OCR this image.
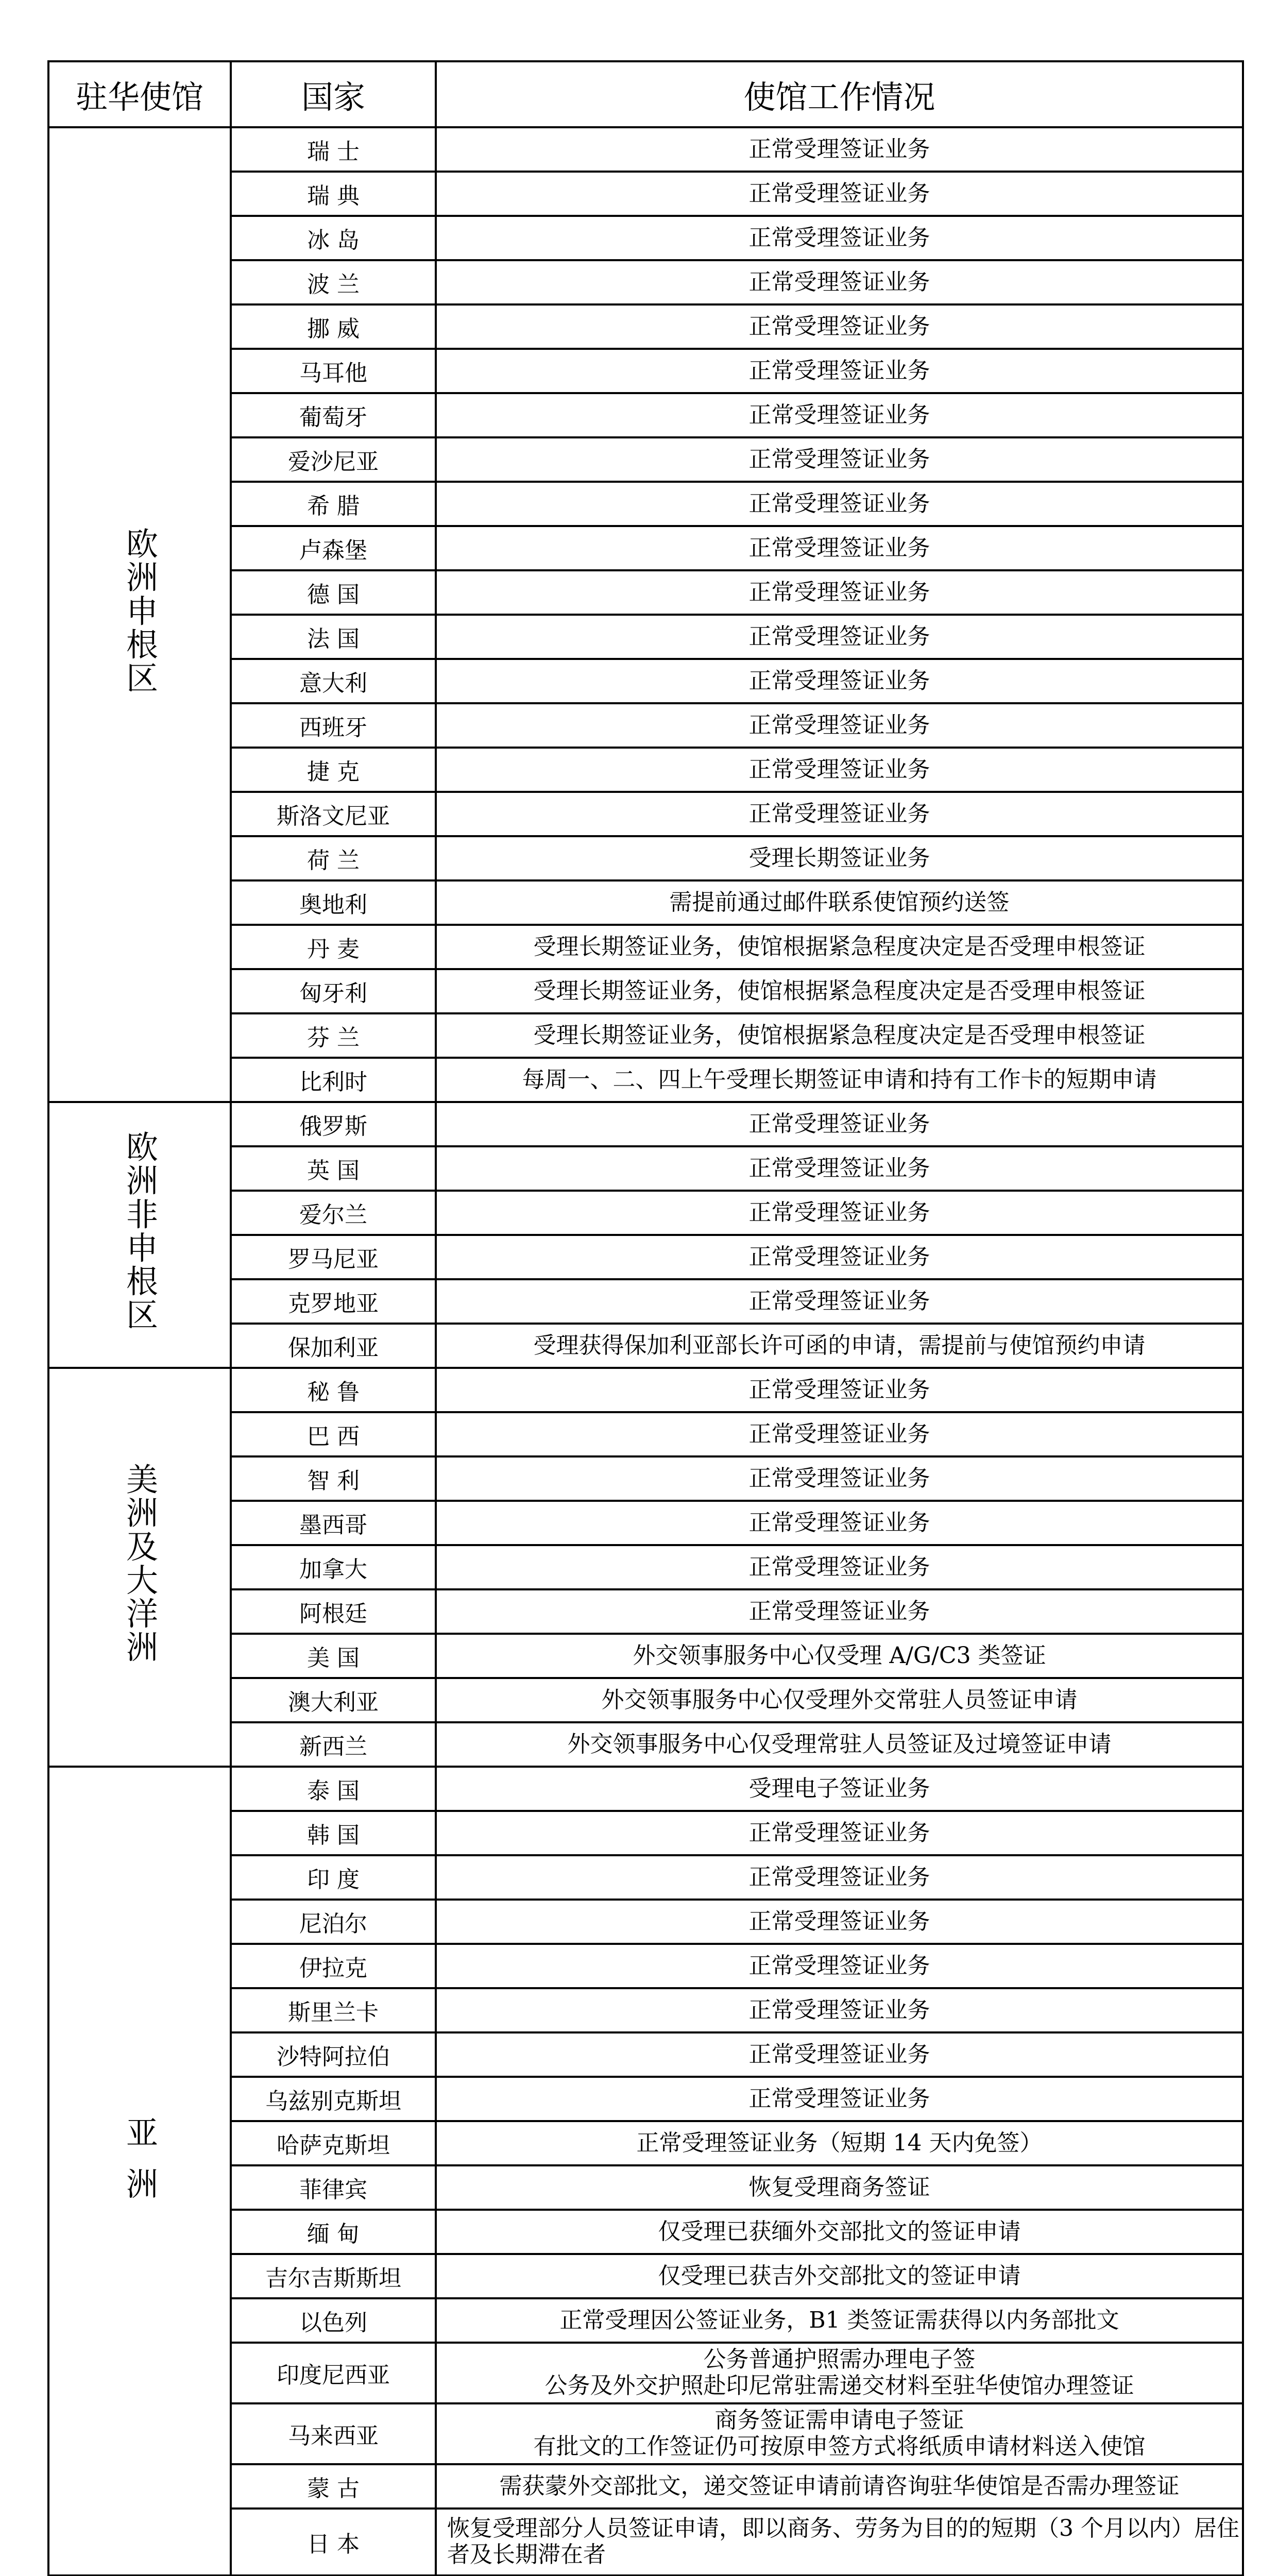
驻华使馆	国家	使馆工作情况
欧洲申根区	瑞 士	正常受理签证业务
	瑞 典	正常受理签证业务
	冰 岛	正常受理签证业务
	波 兰	正常受理签证业务
	挪 威	正常受理签证业务
	马耳他	正常受理签证业务
	葡萄牙	正常受理签证业务
	爱沙尼亚	正常受理签证业务
	希 腊	正常受理签证业务
	卢森堡	正常受理签证业务
	德 国	正常受理签证业务
	法 国	正常受理签证业务
	意大利	正常受理签证业务
	西班牙	正常受理签证业务
	捷 克	正常受理签证业务
	斯洛文尼亚	正常受理签证业务
	荷 兰	受理长期签证业务
	奥地利	需提前通过邮件联系使馆预约送签
	丹 麦	受理长期签证业务，使馆根据紧急程度决定是否受理申根签证
	匈牙利	受理长期签证业务，使馆根据紧急程度决定是否受理申根签证
	芬 兰	受理长期签证业务，使馆根据紧急程度决定是否受理申根签证
	比利时	每周一、二、四上午受理长期签证申请和持有工作卡的短期申请
欧洲非申根区	俄罗斯	正常受理签证业务
	英 国	正常受理签证业务
	爱尔兰	正常受理签证业务
	罗马尼亚	正常受理签证业务
	克罗地亚	正常受理签证业务
	保加利亚	受理获得保加利亚部长许可函的申请，需提前与使馆预约申请
美洲及大洋洲	秘 鲁	正常受理签证业务
	巴 西	正常受理签证业务
	智 利	正常受理签证业务
	墨西哥	正常受理签证业务
	加拿大	正常受理签证业务
	阿根廷	正常受理签证业务
	美 国	外交领事服务中心仅受理 A/G/C3 类签证
	澳大利亚	外交领事服务中心仅受理外交常驻人员签证申请
	新西兰	外交领事服务中心仅受理常驻人员签证及过境签证申请
亚洲	泰 国	受理电子签证业务
	韩 国	正常受理签证业务
	印 度	正常受理签证业务
	尼泊尔	正常受理签证业务
	伊拉克	正常受理签证业务
	斯里兰卡	正常受理签证业务
	沙特阿拉伯	正常受理签证业务
	乌兹别克斯坦	正常受理签证业务
	哈萨克斯坦	正常受理签证业务（短期 14 天内免签）
	菲律宾	恢复受理商务签证
	缅 甸	仅受理已获缅外交部批文的签证申请
	吉尔吉斯斯坦	仅受理已获吉外交部批文的签证申请
	以色列	正常受理因公签证业务，B1 类签证需获得以内务部批文
	印度尼西亚	公务普通护照需办理电子签
公务及外交护照赴印尼常驻需递交材料至驻华使馆办理签证

	马来西亚	商务签证需申请电子签证
有批文的工作签证仍可按原申签方式将纸质申请材料送入使馆

	蒙 古	需获蒙外交部批文，递交签证申请前请咨询驻华使馆是否需办理签证
	日 本	恢复受理部分人员签证申请，即以商务、劳务为目的的短期（3 个月以内）居住者及长期滞在者
